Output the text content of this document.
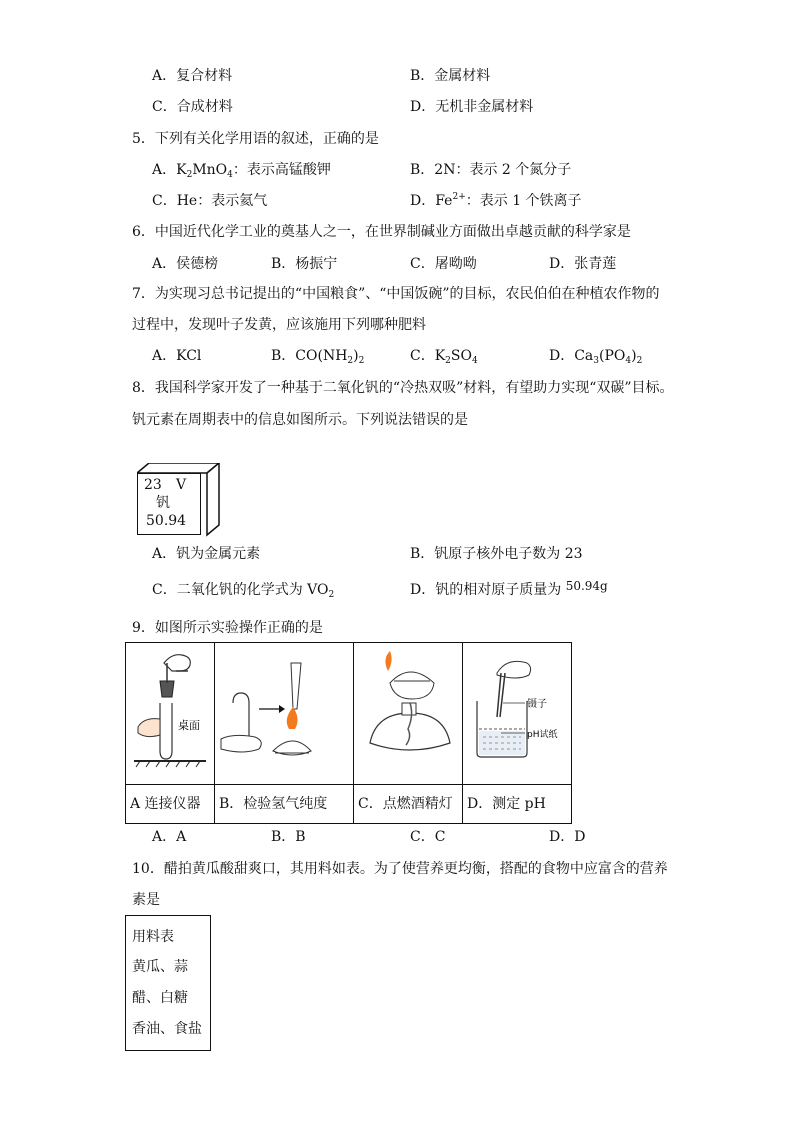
A．复合材料	B．金属材料
C．合成材料	D．无机非金属材料
5．下列有关化学用语的叙述，正确的是
A．$K_2MnO_4$：表示高锰酸钾	B．2N：表示 2 个氮分子
C．He：表示氦气	D．$Fe^{2+}$：表示 1 个铁离子
6．中国近代化学工业的奠基人之一，在世界制碱业方面做出卓越贡献的科学家是
A．侯德榜	B．杨振宁	C．屠呦呦	D．张青莲
7．为实现习总书记提出的“中国粮食”、“中国饭碗”的目标，农民伯伯在种植农作物的
过程中，发现叶子发黄，应该施用下列哪种肥料
A．KCl	B．$CO(NH_2)_2$	C．$K_2SO_4$	D．$Ca_3(PO_4)_2$
8．我国科学家开发了一种基于二氧化钒的“冷热双吸”材料，有望助力实现“双碳”目标。
钒元素在周期表中的信息如图所示。下列说法错误的是
23 V
钒
50.94
A．钒为金属元素	B．钒原子核外电子数为 23
C．二氧化钒的化学式为 $VO_2$	D．钒的相对原子质量为 50.94g
9．如图所示实验操作正确的是
桌面			镊子
pH试纸

A 连接仪器	B．检验氢气纯度	C．点燃酒精灯	D．测定 pH
A．A	B．B	C．C	D．D
10．醋拍黄瓜酸甜爽口，其用料如表。为了使营养更均衡，搭配的食物中应富含的营养
素是
用料表
黄瓜、蒜
醋、白糖
香油、食盐
